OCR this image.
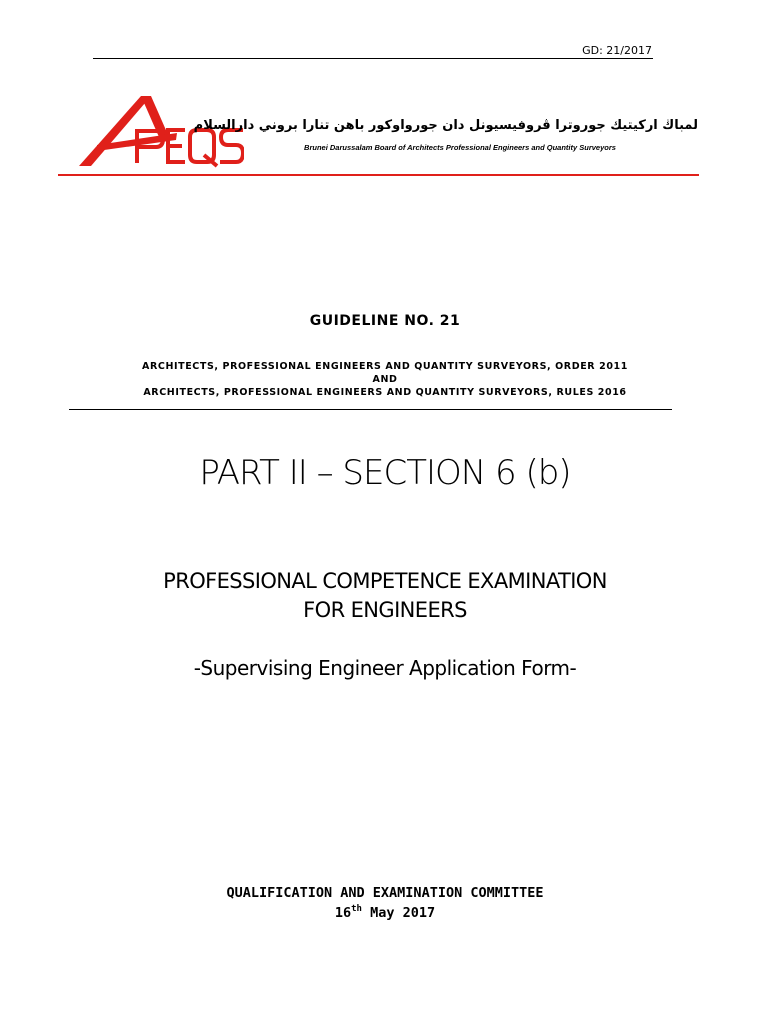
GD: 21/2017
لمباڬ اركيتيك جوروترا ڤروفيسيونل دان جورواوكور باهن تنارا بروني دارالسلام
Brunei Darussalam Board of Architects Professional Engineers and Quantity Surveyors
GUIDELINE NO. 21
ARCHITECTS, PROFESSIONAL ENGINEERS AND QUANTITY SURVEYORS, ORDER 2011
AND
ARCHITECTS, PROFESSIONAL ENGINEERS AND QUANTITY SURVEYORS, RULES 2016
PART II – SECTION 6 (b)
PROFESSIONAL COMPETENCE EXAMINATION
FOR ENGINEERS
-Supervising Engineer Application Form-
QUALIFICATION AND EXAMINATION COMMITTEE
16th May 2017
